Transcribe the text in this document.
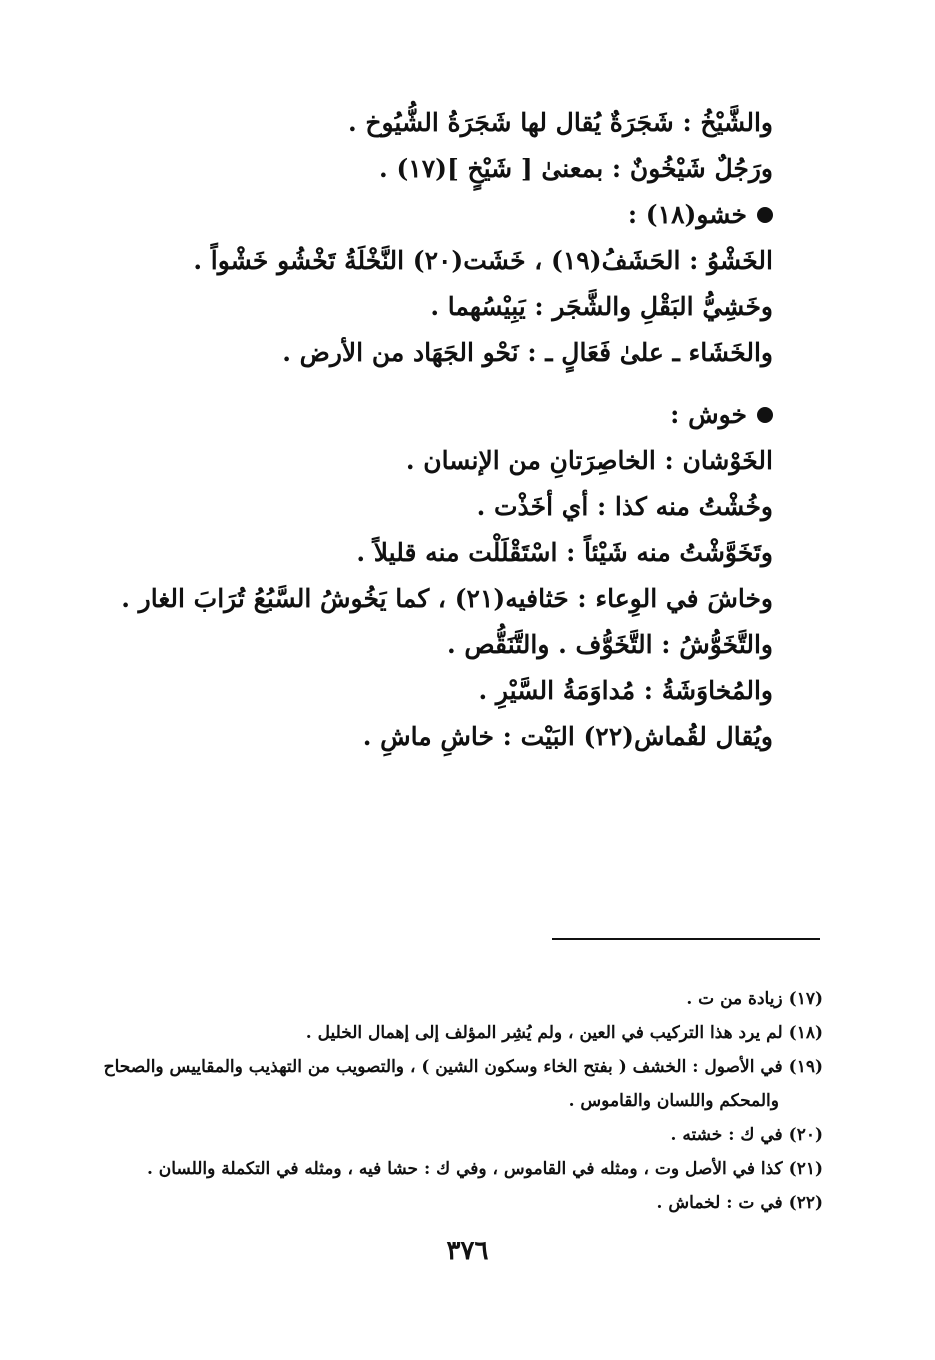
والشَّيْخُ : شَجَرَةٌ يُقال لها شَجَرَةُ الشُّيُوخ .
ورَجُلٌ شَيْخُونٌ : بمعنىٰ [ شَيْخٍ ](١٧) .
خشو(١٨) :
الخَشْوُ : الحَشَفُ(١٩) ، خَشَت(٢٠) النَّخْلَةُ تَخْشُو خَشْواً .
وخَشِيُّ البَقْلِ والشَّجَر : يَبِيْسُهما .
والخَشَاء ـ علىٰ فَعَالٍ ـ : نَحْو الجَهَاد من الأرض .
خوش :
الخَوْشان : الخاصِرَتانِ من الإنسان .
وخُشْتُ منه كذا : أي أخَذْت .
وتَخَوَّشْتُ منه شَيْئاً : اسْتَقْلَلْت منه قليلاً .
وخاشَ في الوِعاء : حَثافيه(٢١) ، كما يَخُوشُ السَّبُعُ تُرَابَ الغار .
والتَّخَوُّشُ : التَّخَوُّف . والتَّنَقُّص .
والمُخاوَشَةُ : مُداوَمَةُ السَّيْرِ .
ويُقال لقُماش(٢٢) البَيْت : خاشِ ماشِ .
(١٧)زيادة من ت .
(١٨)لم يرد هذا التركيب في العين ، ولم يُشِر المؤلف إلى إهمال الخليل .
(١٩)في الأصول : الخشف ( بفتح الخاء وسكون الشين ) ، والتصويب من التهذيب والمقاييس والصحاح
والمحكم واللسان والقاموس .
(٢٠)في ك : خشته .
(٢١)كذا في الأصل وت ، ومثله في القاموس ، وفي ك : حشا فيه ، ومثله في التكملة واللسان .
(٢٢)في ت : لخماش .
٣٧٦
